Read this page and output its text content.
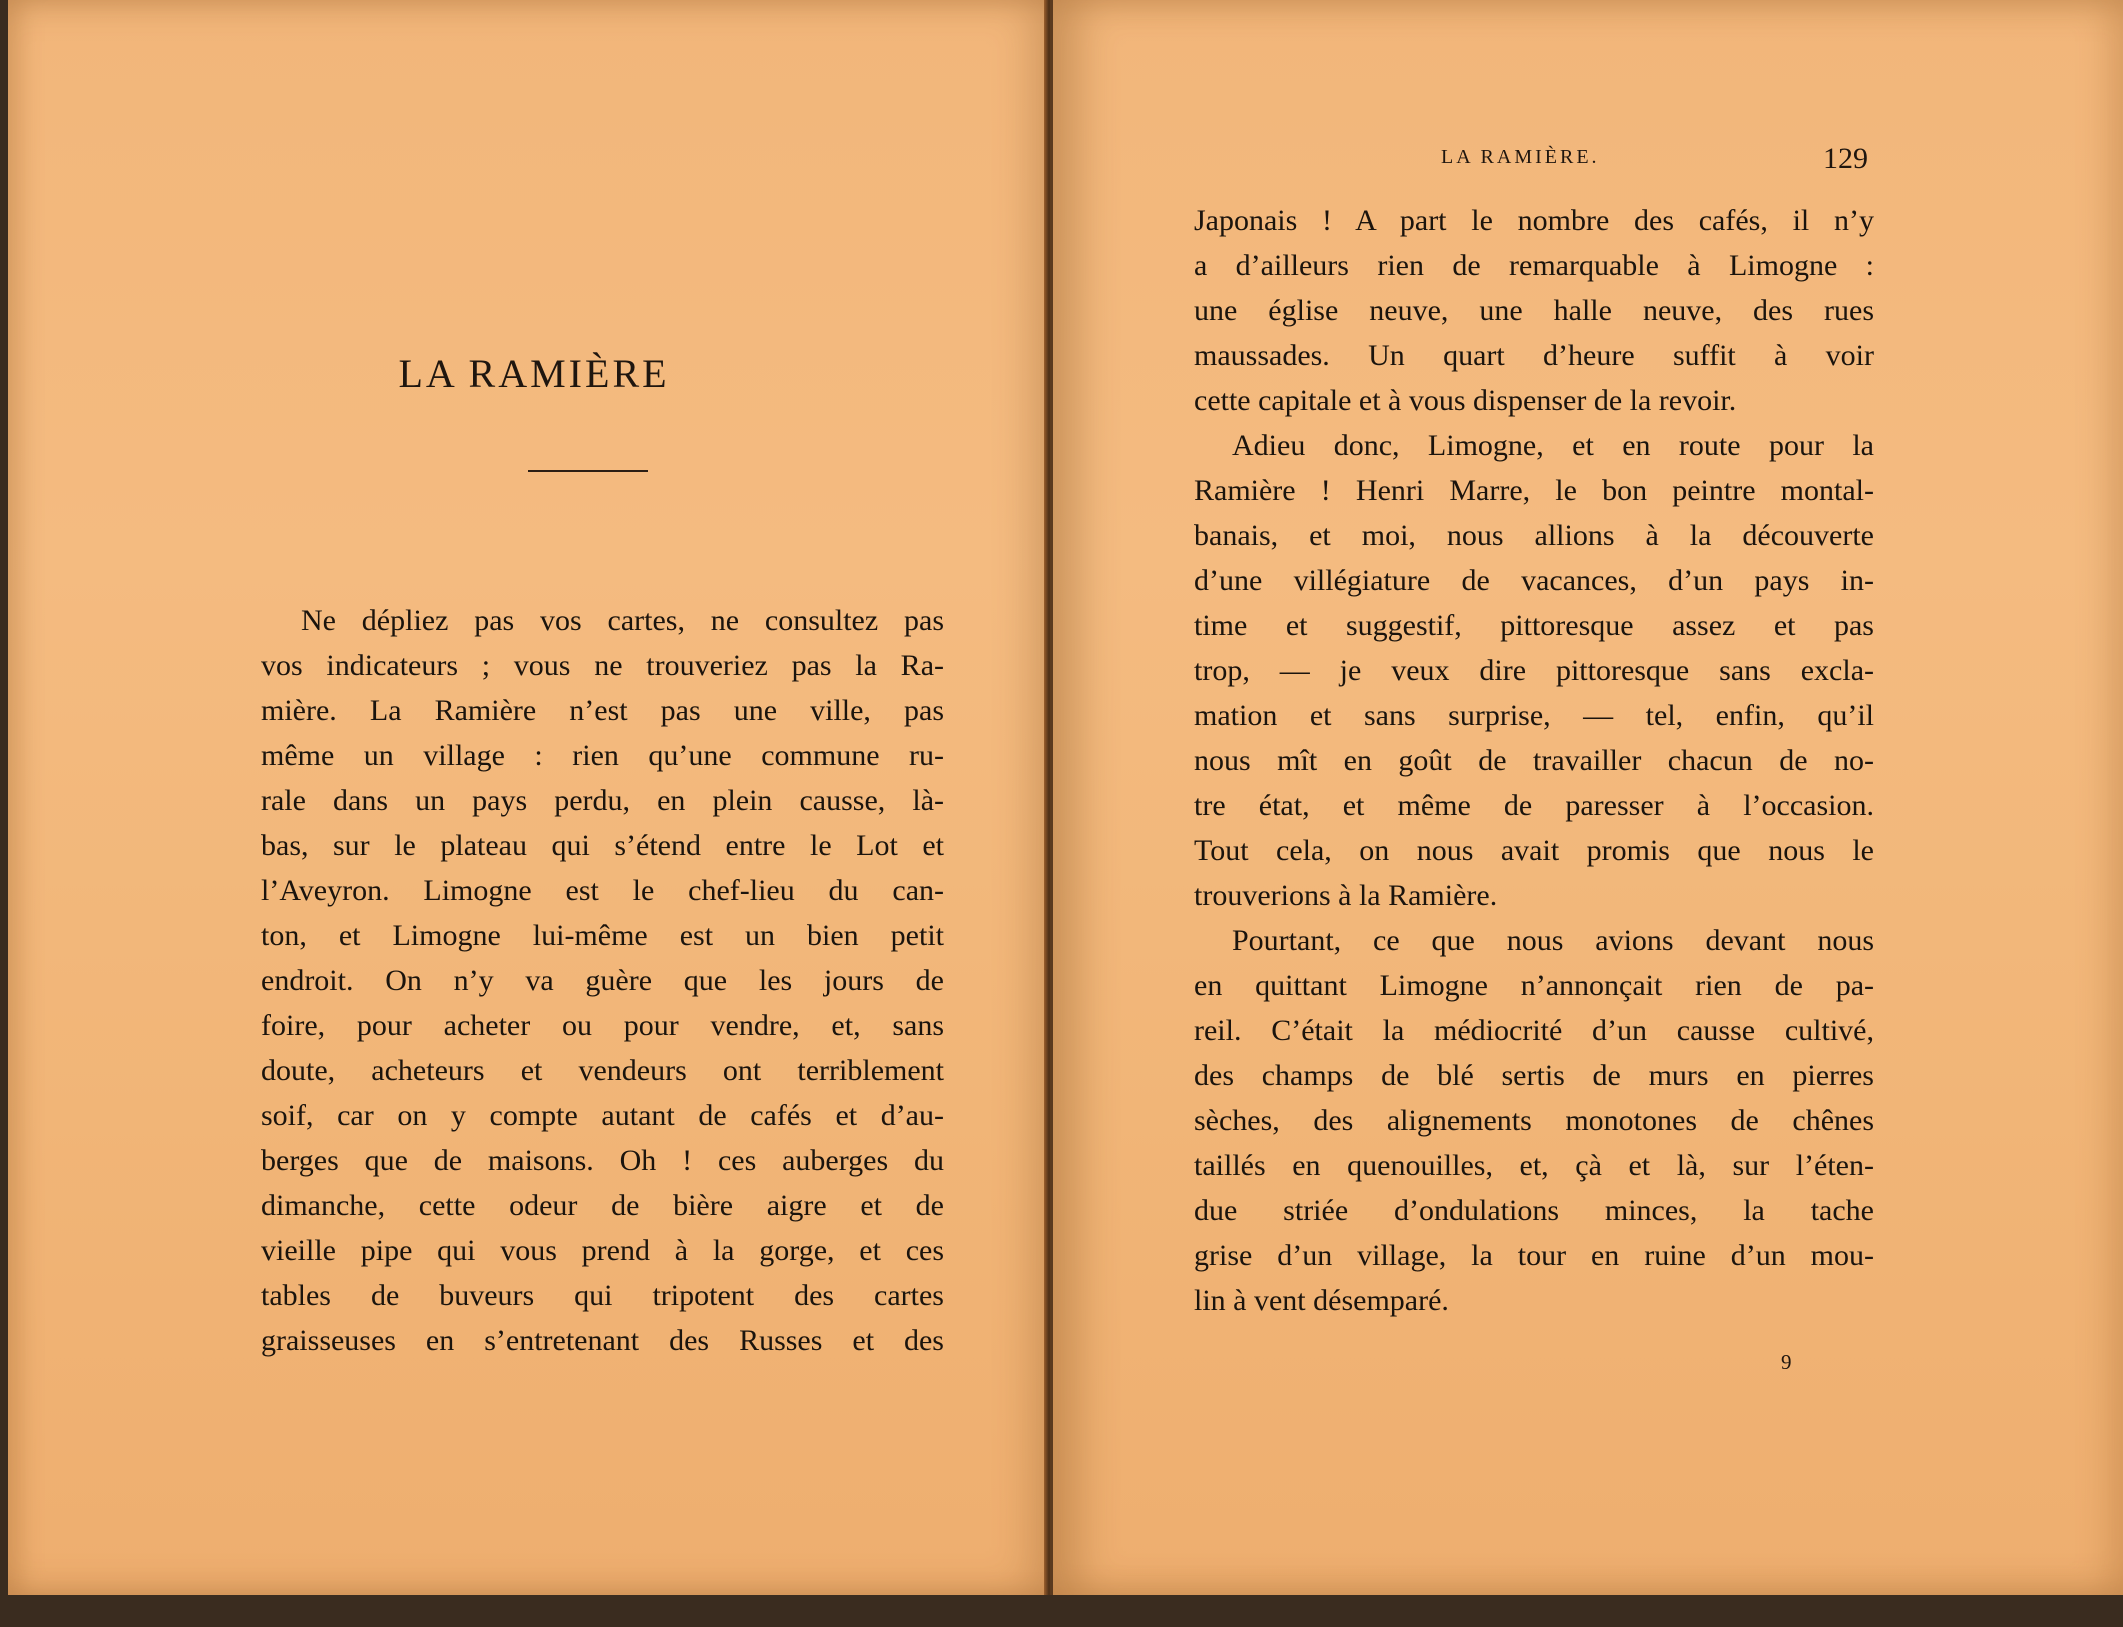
LA RAMIÈRE
Ne dépliez pas vos cartes, ne consultez pas
vos indicateurs ; vous ne trouveriez pas la Ra-
mière. La Ramière n’est pas une ville, pas
même un village : rien qu’une commune ru-
rale dans un pays perdu, en plein causse, là-
bas, sur le plateau qui s’étend entre le Lot et
l’Aveyron. Limogne est le chef-lieu du can-
ton, et Limogne lui-même est un bien petit
endroit. On n’y va guère que les jours de
foire, pour acheter ou pour vendre, et, sans
doute, acheteurs et vendeurs ont terriblement
soif, car on y compte autant de cafés et d’au-
berges que de maisons. Oh ! ces auberges du
dimanche, cette odeur de bière aigre et de
vieille pipe qui vous prend à la gorge, et ces
tables de buveurs qui tripotent des cartes
graisseuses en s’entretenant des Russes et des
LA RAMIÈRE.	129
Japonais ! A part le nombre des cafés, il n’y
a d’ailleurs rien de remarquable à Limogne :
une église neuve, une halle neuve, des rues
maussades. Un quart d’heure suffit à voir
cette capitale et à vous dispenser de la revoir.
Adieu donc, Limogne, et en route pour la
Ramière ! Henri Marre, le bon peintre montal-
banais, et moi, nous allions à la découverte
d’une villégiature de vacances, d’un pays in-
time et suggestif, pittoresque assez et pas
trop, — je veux dire pittoresque sans excla-
mation et sans surprise, — tel, enfin, qu’il
nous mît en goût de travailler chacun de no-
tre état, et même de paresser à l’occasion.
Tout cela, on nous avait promis que nous le
trouverions à la Ramière.
Pourtant, ce que nous avions devant nous
en quittant Limogne n’annonçait rien de pa-
reil. C’était la médiocrité d’un causse cultivé,
des champs de blé sertis de murs en pierres
sèches, des alignements monotones de chênes
taillés en quenouilles, et, çà et là, sur l’éten-
due striée d’ondulations minces, la tache
grise d’un village, la tour en ruine d’un mou-
lin à vent désemparé.
9
